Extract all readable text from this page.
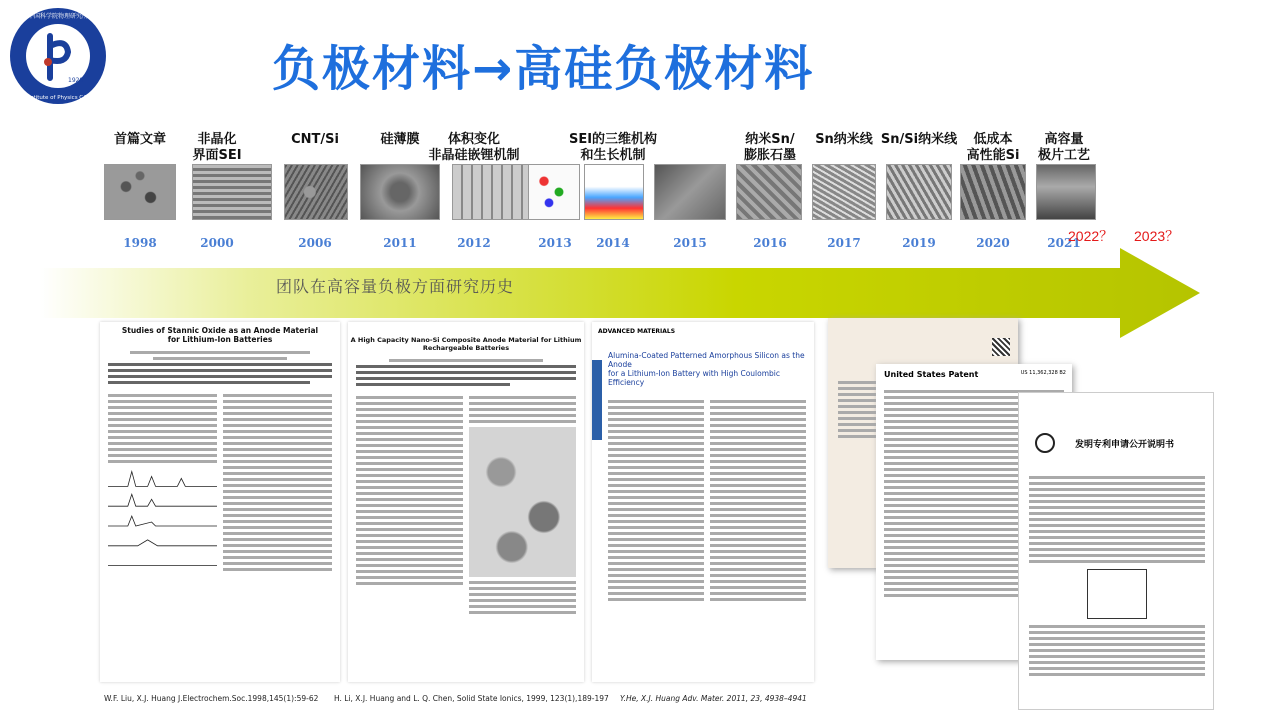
1928
中国科学院物理研究所
Institute of Physics CAS
负极材料→高硅负极材料
首篇文章
1998
非晶化
界面SEI
2000
CNT/Si
2006
硅薄膜
2011
体积变化
非晶硅嵌锂机制
2012	2013
SEI的三维机构
和生长机制
2014	2015
纳米Sn/
膨胀石墨
2016
Sn纳米线
2017
Sn/Si纳米线
2019
低成本
高性能Si
2020
高容量
极片工艺
2021
2022？ 2023？
团队在高容量负极方面研究历史
Studies of Stannic Oxide as an Anode Material
for Lithium-Ion Batteries	A High Capacity Nano-Si Composite Anode Material for Lithium
Rechargeable Batteries
ADVANCED MATERIALS
Alumina-Coated Patterned Amorphous Silicon as the Anode
for a Lithium-Ion Battery with High Coulombic Efficiency
United States Patent	US 11,362,328 B2
发明专利申请公开说明书
W.F. Liu, X.J. Huang J.Electrochem.Soc.1998,145(1):59-62 H. Li, X.J. Huang and L. Q. Chen, Solid State Ionics, 1999, 123(1),189-197 Y.He, X.J. Huang Adv. Mater. 2011, 23, 4938–4941
